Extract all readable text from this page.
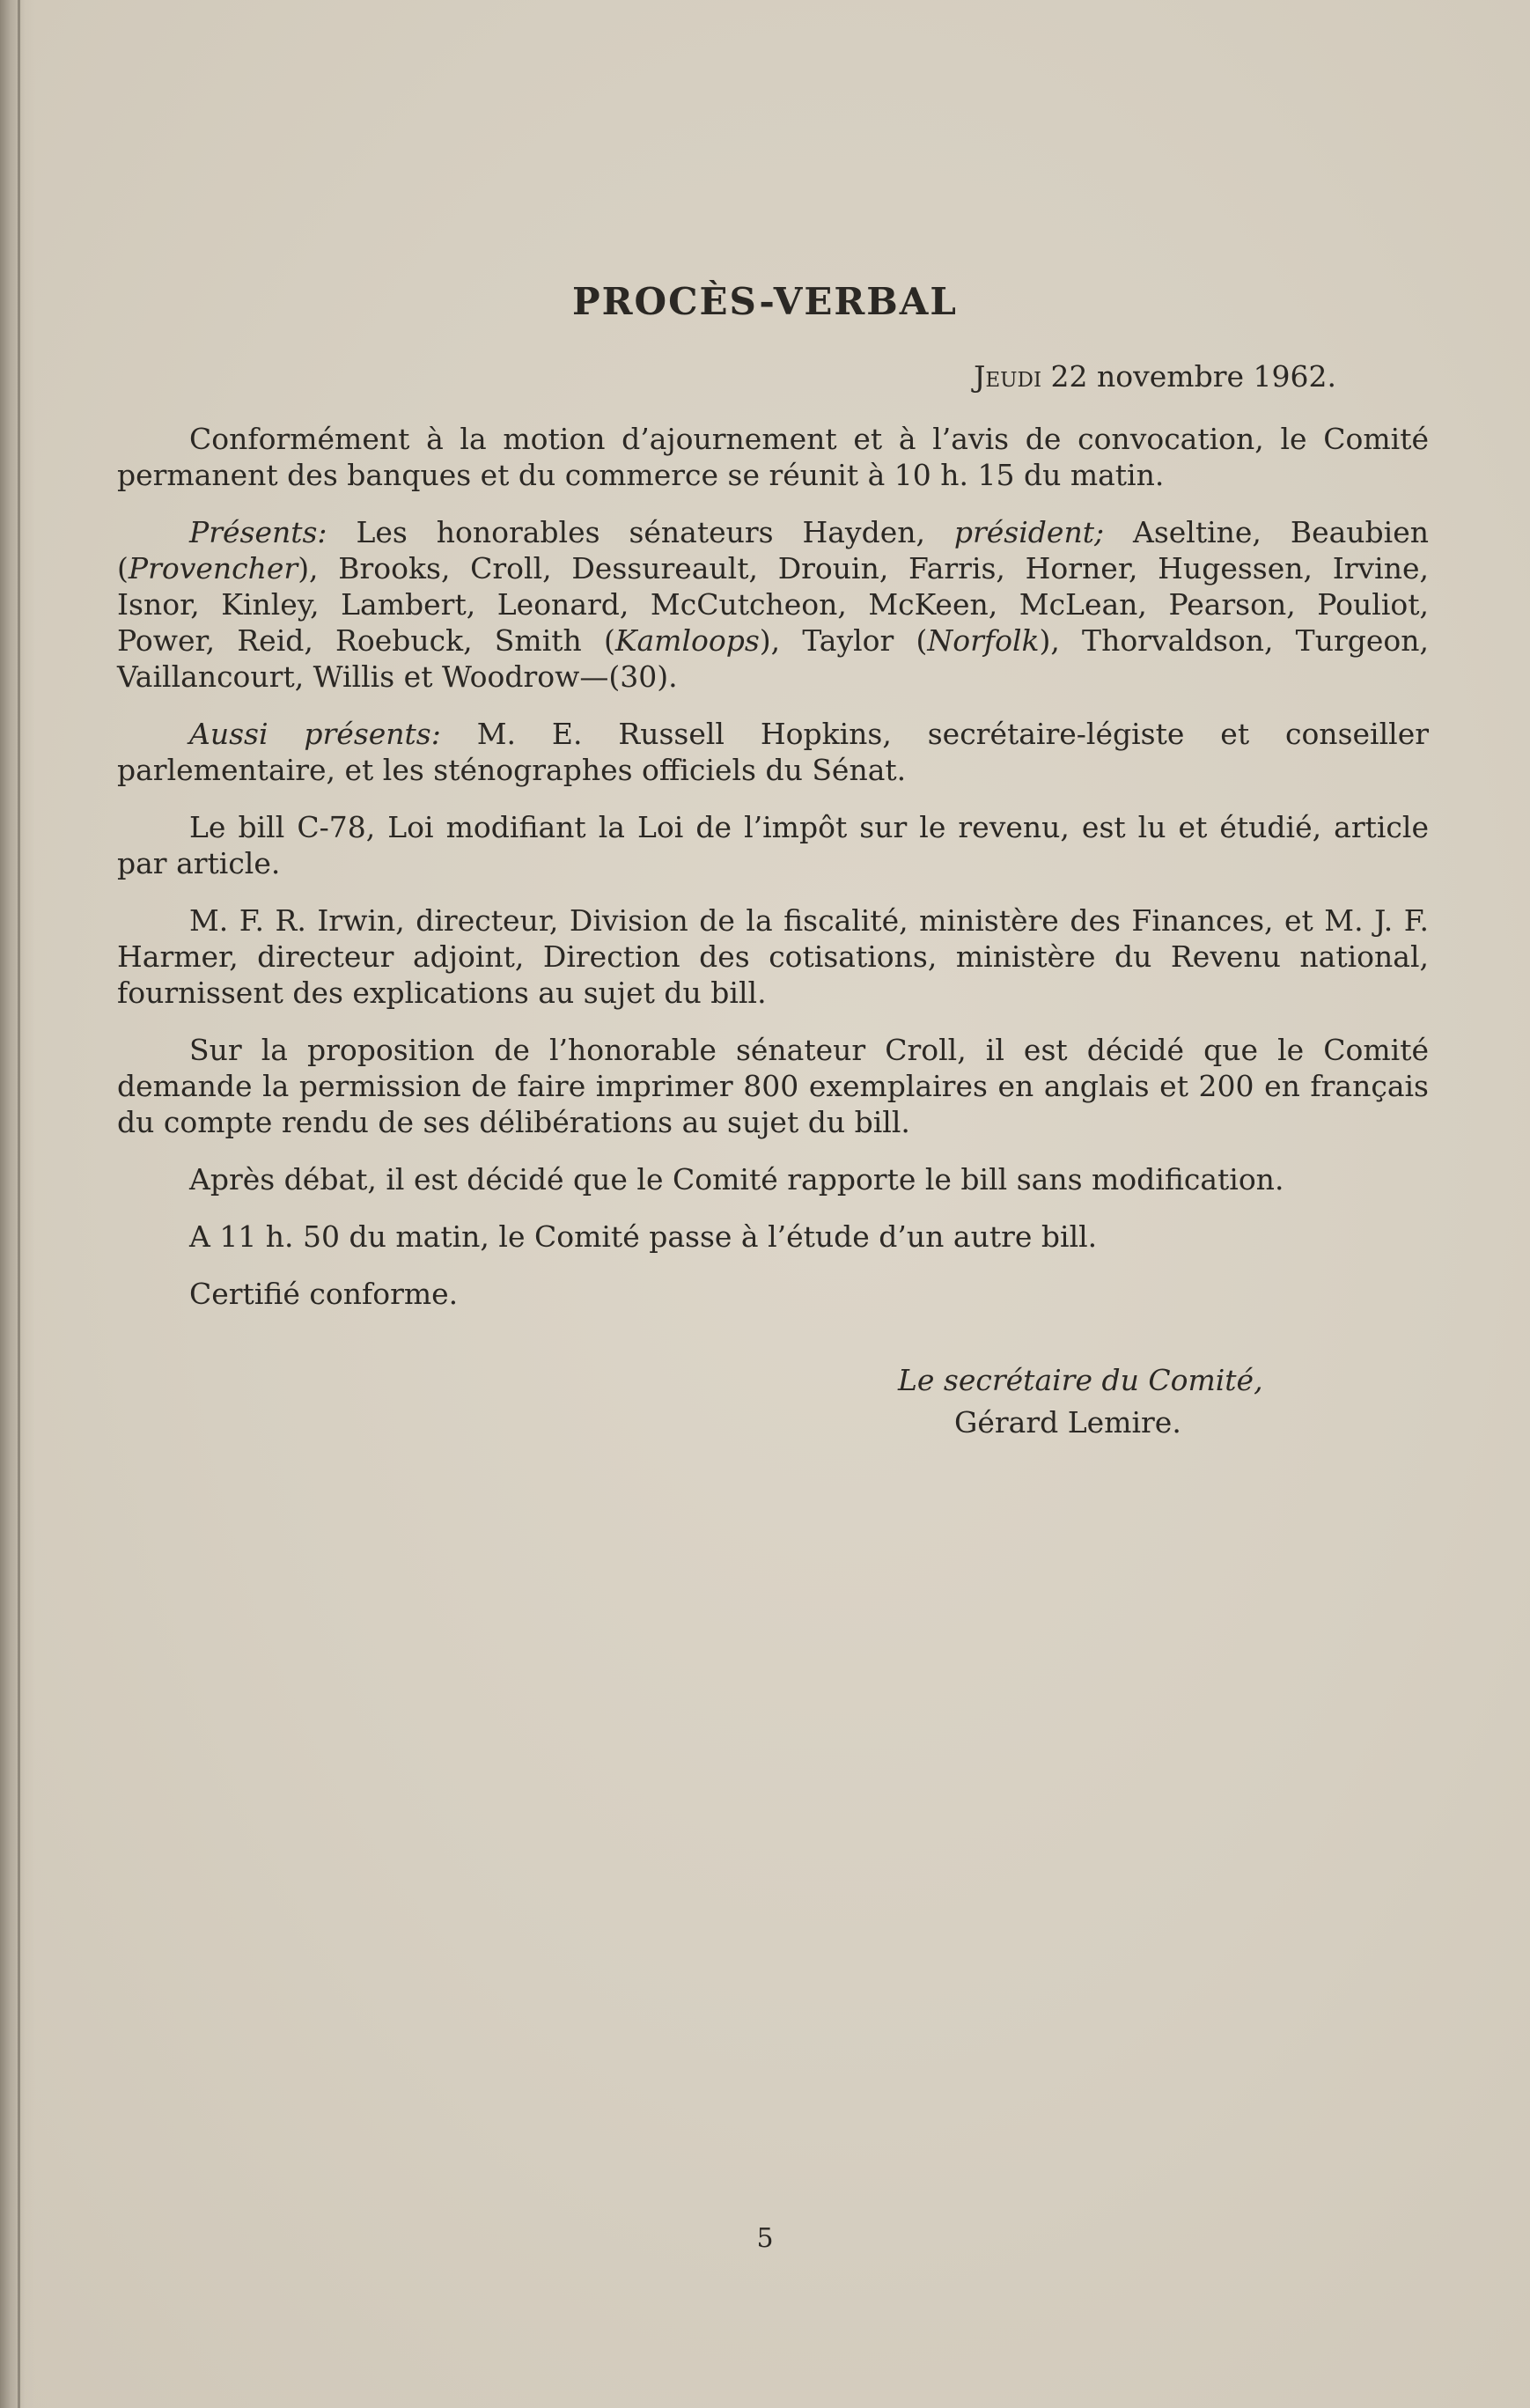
PROCÈS-VERBAL
Jeudi 22 novembre 1962.

Conformément à la motion d’ajournement et à l’avis de convocation, le Comité permanent des banques et du commerce se réunit à 10 h. 15 du matin.

Présents: Les honorables sénateurs Hayden, président; Aseltine, Beaubien (Provencher), Brooks, Croll, Dessureault, Drouin, Farris, Horner, Hugessen, Irvine, Isnor, Kinley, Lambert, Leonard, McCutcheon, McKeen, McLean, Pearson, Pouliot, Power, Reid, Roebuck, Smith (Kamloops), Taylor (Norfolk), Thorvaldson, Turgeon, Vaillancourt, Willis et Woodrow—(30).

Aussi présents: M. E. Russell Hopkins, secrétaire-légiste et conseiller parlementaire, et les sténographes officiels du Sénat.

Le bill C-78, Loi modifiant la Loi de l’impôt sur le revenu, est lu et étudié, article par article.

M. F. R. Irwin, directeur, Division de la fiscalité, ministère des Finances, et M. J. F. Harmer, directeur adjoint, Direction des cotisations, ministère du Revenu national, fournissent des explications au sujet du bill.

Sur la proposition de l’honorable sénateur Croll, il est décidé que le Comité demande la permission de faire imprimer 800 exemplaires en anglais et 200 en français du compte rendu de ses délibérations au sujet du bill.

Après débat, il est décidé que le Comité rapporte le bill sans modification.

A 11 h. 50 du matin, le Comité passe à l’étude d’un autre bill.

Certifié conforme.

Le secrétaire du Comité,
Gérard Lemire.
5
